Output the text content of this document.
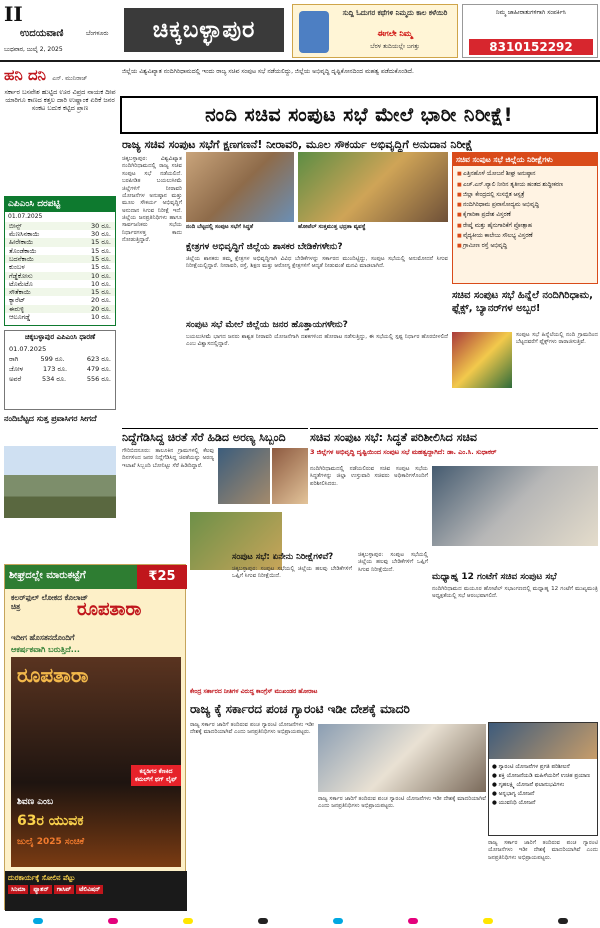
II
ಉದಯವಾಣಿ	ಬೆಂಗಳೂರು
ಬುಧವಾರ, ಜುಲೈ 2, 2025
ಚಿಕ್ಕಬಳ್ಳಾಪುರ
ಸುದ್ದಿ ಓದುಗರ ಕಥೆಗಳಿ ನಿಮ್ಮದು ಕಾಲ ಕಳೆಯಿರಿ
ಈಗಲೇ ನಿಮ್ಮ
ಬೆರಳ ತುದಿಯಲ್ಲೇ ಜಗತ್ತು
ನಿಮ್ಮ ಜಾಹೀರಾತುಗಳಿಗಾಗಿ ಸಂಪರ್ಕಿಸಿ
8310152292
ಹನಿ ದನಿ ಎನ್. ಮುನಿರಾಜ್
ಸರ್ಕಾರ ಬಸವೇಶ ಹುಟ್ಟಿದ ಊರ ವಿಪ್ರದ ನಾಯಕ ದೀಪ ಯಾರಿಗೂ ಕಾಣದ ಕತ್ತಲ ದಾರಿ ಉಷ್ಣಾಂಕ ಏರಿಕೆ ಜನರ ಸಂಕಟ ಬದುಕ ಕಟ್ಟಿದ ಪ್ರಾಣ
ಎಪಿಎಂಸಿ ದರಪಟ್ಟಿ
01.07.2025
ಬೀನ್ಸ್	30 ರೂ.
ಮೆಣಸಿನಕಾಯಿ	30 ರೂ.
ಹೀರೇಕಾಯಿ	15 ರೂ.
ತೊಂಡೆಕಾಯಿ	15 ರೂ.
ಬದನೆಕಾಯಿ	15 ರೂ.
ಕುಂಬಳ	15 ರೂ.
ಗೆಡ್ಡೆಕೋಸು	10 ರೂ.
ಟೊಮೆಟೊ	10 ರೂ.
ಸೌತೆಕಾಯಿ	15 ರೂ.
ಕ್ಯಾರೆಟ್	20 ರೂ.
ಈರುಳ್ಳಿ	20 ರೂ.
ಆಲೂಗಡ್ಡೆ	10 ರೂ.
ಚಿಕ್ಕಬಳ್ಳಾಪುರ ಎಪಿಎಂಸಿ ಧಾರಣೆ
01.07.2025
ರಾಗಿ	599 ರೂ.	623 ರೂ.
ಜೋಳ	173 ರೂ.	479 ರೂ.
ಅವರೆ	534 ರೂ.	556 ರೂ.
ನಂದಿಬೆಟ್ಟದ ಸುತ್ತ ಪ್ರವಾಸಿಗರ ಸೀಗದೆ
ಜಿಲ್ಲೆಯ ವಿಶ್ವವಿಖ್ಯಾತ ನಂದಿಗಿರಿಧಾಮದಲ್ಲಿ ಇಂದು ರಾಜ್ಯ ಸಚಿವ ಸಂಪುಟ ಸಭೆ ನಡೆಯಲಿದ್ದು, ಜಿಲ್ಲೆಯ ಅಭಿವೃದ್ಧಿ ದೃಷ್ಟಿಕೋನದಿಂದ ಮಹತ್ವ ಪಡೆದುಕೊಂಡಿದೆ.
ನಂದಿ ಸಚಿವ ಸಂಪುಟ ಸಭೆ ಮೇಲೆ ಭಾರೀ ನಿರೀಕ್ಷೆ!
ರಾಜ್ಯ ಸಚಿವ ಸಂಪುಟ ಸಭೆಗೆ ಕ್ಷಣಗಣನೆ! ನೀರಾವರಿ, ಮೂಲ ಸೌಕರ್ಯ ಅಭಿವೃದ್ಧಿಗೆ ಅನುದಾನ ನಿರೀಕ್ಷೆ
ಚಿಕ್ಕಬಳ್ಳಾಪುರ: ವಿಶ್ವವಿಖ್ಯಾತ ನಂದಿಗಿರಿಧಾಮದಲ್ಲಿ ರಾಜ್ಯ ಸಚಿವ ಸಂಪುಟ ಸಭೆ ನಡೆಯಲಿದೆ. ಬರಪೀಡಿತ ಬಯಲುಸೀಮೆ ಜಿಲ್ಲೆಗಳಿಗೆ ನೀರಾವರಿ ಯೋಜನೆಗಳ ಅನುಷ್ಠಾನ ಮತ್ತು ಮೂಲ ಸೌಕರ್ಯ ಅಭಿವೃದ್ಧಿಗೆ ಅನುದಾನ ಸಿಗುವ ನಿರೀಕ್ಷೆ ಇದೆ. ಜಿಲ್ಲೆಯ ಜನಪ್ರತಿನಿಧಿಗಳು ಹಾಗೂ ಸಾರ್ವಜನಿಕರು ಸಭೆಯ ನಿರ್ಧಾರಗಳತ್ತ ಕಾದು ನೋಡುತ್ತಿದ್ದಾರೆ.
ನಂದಿ ಬೆಟ್ಟದಲ್ಲಿ ಸಂಪುಟ ಸಭೆಗೆ ಸಿದ್ಧತೆ	ಹೋಟೆಲ್ ಸುತ್ತಮುತ್ತ ಭದ್ರತಾ ವ್ಯವಸ್ಥೆ
ಸಚಿವ ಸಂಪುಟ ಸಭೆ ಜಿಲ್ಲೆಯ ನಿರೀಕ್ಷೆಗಳು
■ ಎತ್ತಿನಹೊಳೆ ಯೋಜನೆ ಶೀಘ್ರ ಅನುಷ್ಠಾನ
■ ಎಚ್.ಎನ್.ವ್ಯಾಲಿ ನೀರಿನ ತೃತೀಯ ಹಂತದ ಶುದ್ಧೀಕರಣ
■ ಜಿಲ್ಲಾ ಕೇಂದ್ರದಲ್ಲಿ ಸುಸಜ್ಜಿತ ಆಸ್ಪತ್ರೆ
■ ನಂದಿಗಿರಿಧಾಮ ಪ್ರವಾಸೋದ್ಯಮ ಅಭಿವೃದ್ಧಿ
■ ಕೈಗಾರಿಕಾ ಪ್ರದೇಶ ವಿಸ್ತರಣೆ
■ ರೇಷ್ಮೆ ಮತ್ತು ಹೈನುಗಾರಿಕೆಗೆ ಪ್ರೋತ್ಸಾಹ
■ ವೈದ್ಯಕೀಯ ಕಾಲೇಜು ಸೌಲಭ್ಯ ವಿಸ್ತರಣೆ
■ ಗ್ರಾಮೀಣ ರಸ್ತೆ ಅಭಿವೃದ್ಧಿ
ಕ್ಷೇತ್ರಗಳ ಅಭಿವೃದ್ಧಿಗೆ ಜಿಲ್ಲೆಯ ಶಾಸಕರ ಬೇಡಿಕೆಗಳೇನು?
ಜಿಲ್ಲೆಯ ಶಾಸಕರು ತಮ್ಮ ಕ್ಷೇತ್ರಗಳ ಅಭಿವೃದ್ಧಿಗಾಗಿ ವಿವಿಧ ಬೇಡಿಕೆಗಳನ್ನು ಸರ್ಕಾರದ ಮುಂದಿಟ್ಟಿದ್ದು, ಸಂಪುಟ ಸಭೆಯಲ್ಲಿ ಅನುಮೋದನೆ ಸಿಗುವ ನಿರೀಕ್ಷೆಯಲ್ಲಿದ್ದಾರೆ. ನೀರಾವರಿ, ರಸ್ತೆ, ಶಿಕ್ಷಣ ಮತ್ತು ಆರೋಗ್ಯ ಕ್ಷೇತ್ರಗಳಿಗೆ ಆದ್ಯತೆ ನೀಡುವಂತೆ ಮನವಿ ಮಾಡಲಾಗಿದೆ.
ಸಂಪುಟ ಸಭೆ ಮೇಲೆ ಜಿಲ್ಲೆಯ ಜನರ ಹೊತ್ತಾಯಗಳೇನು?
ಬಯಲುಸೀಮೆ ಭಾಗದ ಜನರು ಶಾಶ್ವತ ನೀರಾವರಿ ಯೋಜನೆಗಾಗಿ ದಶಕಗಳಿಂದ ಹೋರಾಟ ನಡೆಸುತ್ತಿದ್ದು, ಈ ಸಭೆಯಲ್ಲಿ ಸ್ಪಷ್ಟ ನಿರ್ಧಾರ ಹೊರಬೀಳಲಿದೆ ಎಂಬ ವಿಶ್ವಾಸದಲ್ಲಿದ್ದಾರೆ.
ಸಚಿವ ಸಂಪುಟ ಸಭೆ ಹಿನ್ನೆಲೆ ನಂದಿಗಿರಿಧಾಮ, ಫ್ಲೆಕ್ಸ್, ಬ್ಯಾನರ್‌ಗಳ ಅಬ್ಬರ!
ಸಂಪುಟ ಸಭೆ ಹಿನ್ನೆಲೆಯಲ್ಲಿ ನಂದಿ ಗ್ರಾಮದಿಂದ ಬೆಟ್ಟದವರೆಗೆ ಫ್ಲೆಕ್ಸ್‌ಗಳು ರಾರಾಜಿಸುತ್ತಿವೆ.
ನಿದ್ದೆಗೆಡಿಸಿದ್ದ ಚಿರತೆ ಸೆರೆ ಹಿಡಿದ ಅರಣ್ಯ ಸಿಬ್ಬಂದಿ
ಗೌರಿಬಿದನೂರು: ತಾಲೂಕಿನ ಗ್ರಾಮಗಳಲ್ಲಿ ಕೆಲವು ದಿನಗಳಿಂದ ಜನರ ನಿದ್ದೆಗೆಡಿಸಿದ್ದ ಚಿರತೆಯನ್ನು ಅರಣ್ಯ ಇಲಾಖೆ ಸಿಬ್ಬಂದಿ ಬೋನಿಟ್ಟು ಸೆರೆ ಹಿಡಿದಿದ್ದಾರೆ.
ಸಚಿವ ಸಂಪುಟ ಸಭೆ: ಸಿದ್ಧತೆ ಪರಿಶೀಲಿಸಿದ ಸಚಿವ
3 ಜಿಲ್ಲೆಗಳ ಅಭಿವೃದ್ಧಿ ದೃಷ್ಟಿಯಿಂದ ಸಂಪುಟ ಸಭೆ ಮಹತ್ವದ್ದಾಗಿದೆ: ಡಾ. ಎಂ.ಸಿ. ಸುಧಾಕರ್
ನಂದಿಗಿರಿಧಾಮದಲ್ಲಿ ನಡೆಯಲಿರುವ ಸಚಿವ ಸಂಪುಟ ಸಭೆಯ ಸಿದ್ಧತೆಗಳನ್ನು ಜಿಲ್ಲಾ ಉಸ್ತುವಾರಿ ಸಚಿವರು ಅಧಿಕಾರಿಗಳೊಂದಿಗೆ ಪರಿಶೀಲಿಸಿದರು.
ಸಂಪುಟ ಸಭೆ: ಏನೇನು ನಿರೀಕ್ಷೆಗಳಿವೆ?
ಚಿಕ್ಕಬಳ್ಳಾಪುರ: ಸಂಪುಟ ಸಭೆಯಲ್ಲಿ ಜಿಲ್ಲೆಯ ಹಲವು ಬೇಡಿಕೆಗಳಿಗೆ ಒಪ್ಪಿಗೆ ಸಿಗುವ ನಿರೀಕ್ಷೆಯಿದೆ.	ಮಧ್ಯಾಹ್ನ 12 ಗಂಟೆಗೆ ಸಚಿವ ಸಂಪುಟ ಸಭೆ
ನಂದಿಗಿರಿಧಾಮದ ಮಯೂರ ಹೋಟೆಲ್ ಸಭಾಂಗಣದಲ್ಲಿ ಮಧ್ಯಾಹ್ನ 12 ಗಂಟೆಗೆ ಮುಖ್ಯಮಂತ್ರಿ ಅಧ್ಯಕ್ಷತೆಯಲ್ಲಿ ಸಭೆ ಆರಂಭವಾಗಲಿದೆ.
ಚಿಕ್ಕಬಳ್ಳಾಪುರ: ಸಂಪುಟ ಸಭೆಯಲ್ಲಿ ಜಿಲ್ಲೆಯ ಹಲವು ಬೇಡಿಕೆಗಳಿಗೆ ಒಪ್ಪಿಗೆ ಸಿಗುವ ನಿರೀಕ್ಷೆಯಿದೆ.
ಶೀಘ್ರದಲ್ಲೇ ಮಾರುಕಟ್ಟೆಗೆ	₹25
ಕಲರ್‌ಫುಲ್ ಲೋಕದ ಕೊಲಾಜ್ ಚಿತ್ರ	ರೂಪತಾರಾ
ಇದೀಗ ಹೊಸತನದೊಂದಿಗೆ
ಆಕರ್ಷಕವಾಗಿ ಬರುತ್ತಿದೆ...
ರೂಪತಾರಾ
ಕನ್ನಡಿಗರ ಕೆಣಕಿದ ಕಮಲ್‌ಗೆ ಥಗ್ ಲೈಫ್
ಶಿವಣ ಎಂಬ
63ರ ಯುವಕ
ಜುಲೈ 2025 ಸಂಚಿಕೆ
ದುರಕಾರ್ಯಕ್ಕೆ ಸೋಲಿನ ಪೆಟ್ಟು
ಸಿನಿಮಾ	ಫ್ಯಾಶನ್	ಗಾಸಿಪ್	ಟೆಲಿವಿಷನ್
ಕೇಂದ್ರ ಸರ್ಕಾರದ ನೀತಿಗಳ ವಿರುದ್ಧ ಕಾಂಗ್ರೆಸ್ ಮುಖಂಡರ ಹೋರಾಟ
ರಾಜ್ಯ ಕ್ಕೆ ಸರ್ಕಾರದ ಪಂಚ ಗ್ಯಾರಂಟಿ ಇಡೀ ದೇಶಕ್ಕೆ ಮಾದರಿ
ರಾಜ್ಯ ಸರ್ಕಾರ ಜಾರಿಗೆ ತಂದಿರುವ ಪಂಚ ಗ್ಯಾರಂಟಿ ಯೋಜನೆಗಳು ಇಡೀ ದೇಶಕ್ಕೆ ಮಾದರಿಯಾಗಿವೆ ಎಂದು ಜನಪ್ರತಿನಿಧಿಗಳು ಅಭಿಪ್ರಾಯಪಟ್ಟರು.
ರಾಜ್ಯ ಸರ್ಕಾರ ಜಾರಿಗೆ ತಂದಿರುವ ಪಂಚ ಗ್ಯಾರಂಟಿ ಯೋಜನೆಗಳು ಇಡೀ ದೇಶಕ್ಕೆ ಮಾದರಿಯಾಗಿವೆ ಎಂದು ಜನಪ್ರತಿನಿಧಿಗಳು ಅಭಿಪ್ರಾಯಪಟ್ಟರು.
● ಗ್ಯಾರಂಟಿ ಯೋಜನೆಗಳ ಪ್ರಗತಿ ಪರಿಶೀಲನೆ
● ಶಕ್ತಿ ಯೋಜನೆಯಡಿ ಮಹಿಳೆಯರಿಗೆ ಉಚಿತ ಪ್ರಯಾಣ
● ಗೃಹಲಕ್ಷ್ಮಿ ಯೋಜನೆ ಫಲಾನುಭವಿಗಳು
● ಅನ್ನಭಾಗ್ಯ ಯೋಜನೆ
● ಯುವನಿಧಿ ಯೋಜನೆ
ರಾಜ್ಯ ಸರ್ಕಾರ ಜಾರಿಗೆ ತಂದಿರುವ ಪಂಚ ಗ್ಯಾರಂಟಿ ಯೋಜನೆಗಳು ಇಡೀ ದೇಶಕ್ಕೆ ಮಾದರಿಯಾಗಿವೆ ಎಂದು ಜನಪ್ರತಿನಿಧಿಗಳು ಅಭಿಪ್ರಾಯಪಟ್ಟರು.
